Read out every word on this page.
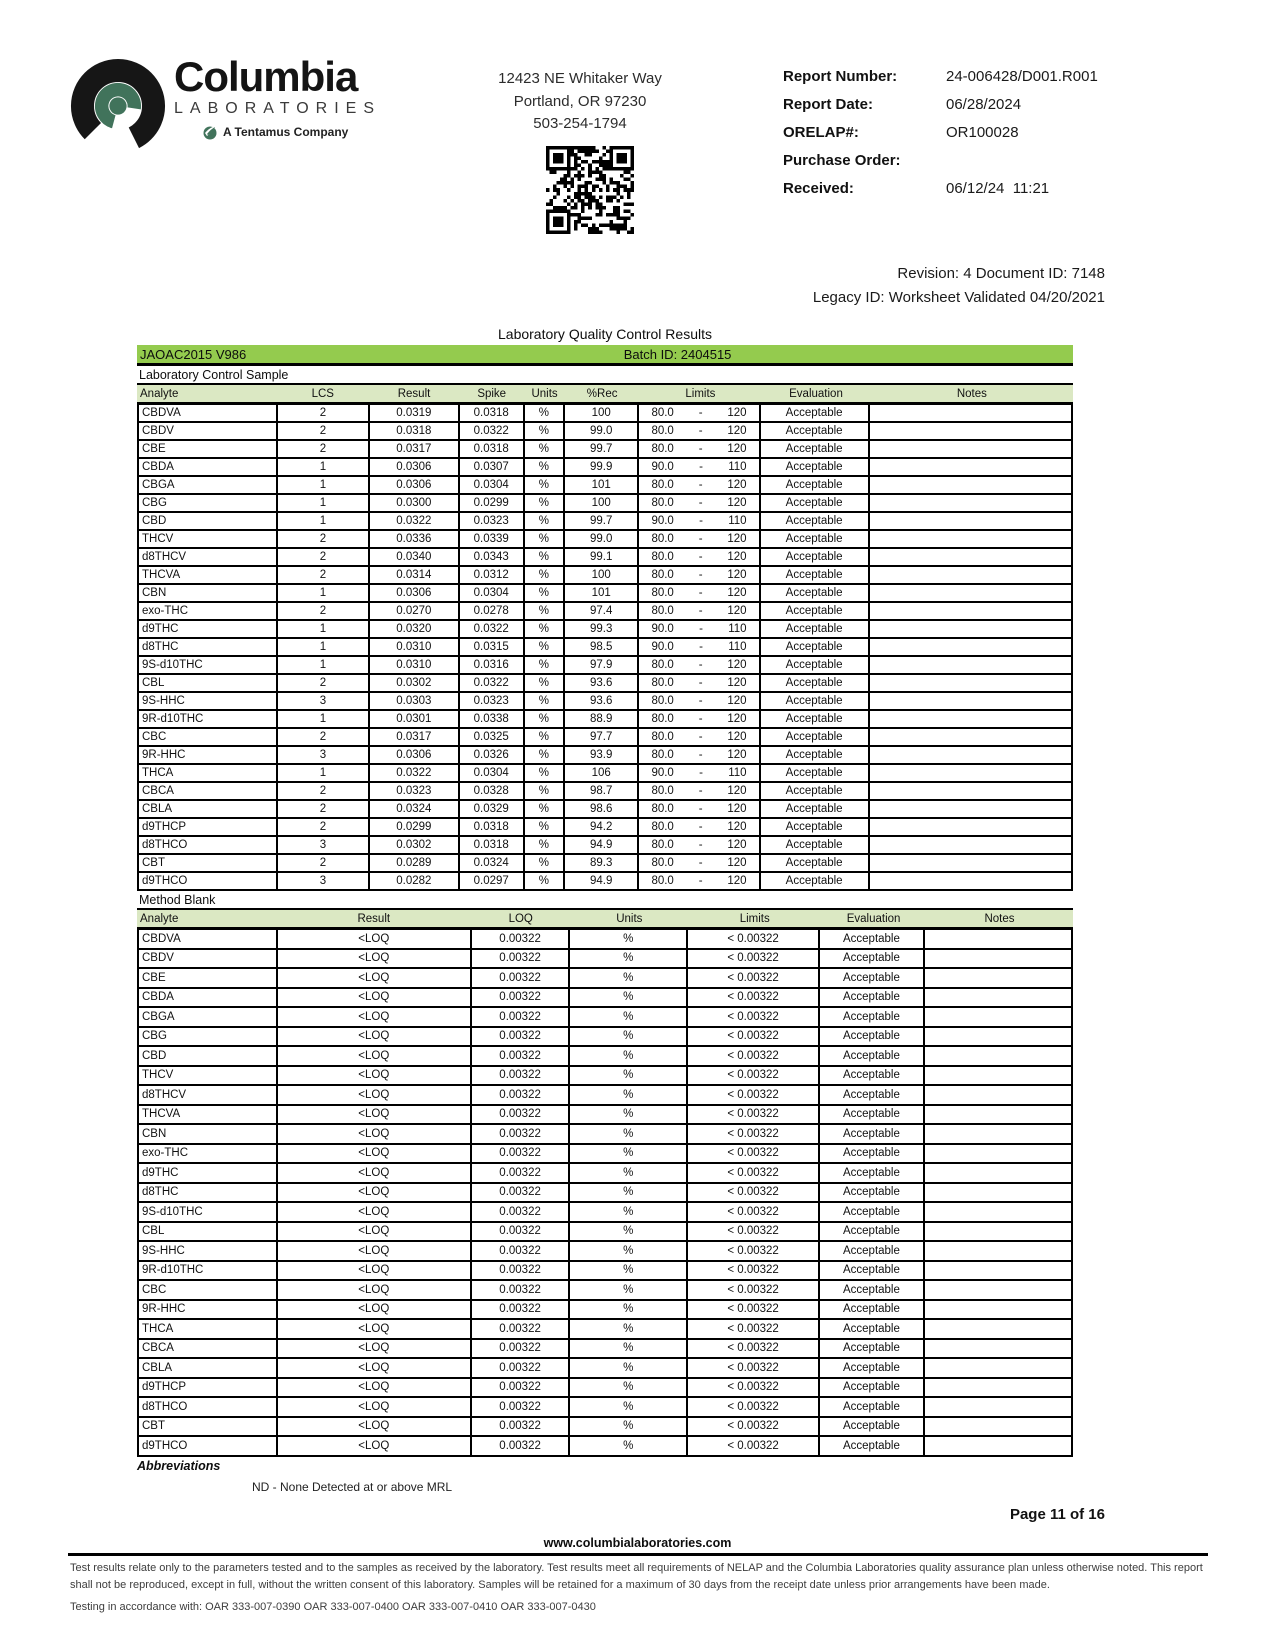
Columbia
LABORATORIES
A Tentamus Company
12423 NE Whitaker Way
Portland, OR 97230
503-254-1794
Report Number:	24-006428/D001.R001
Report Date:	06/28/2024
ORELAP#:	OR100028
Purchase Order:
Received:	06/12/24  11:21
Revision: 4 Document ID: 7148
Legacy ID: Worksheet Validated 04/20/2021
Laboratory Quality Control Results
JAOAC2015 V986	Batch ID: 2404515
Laboratory Control Sample
Analyte	LCS	Result	Spike	Units	%Rec	Limits	Evaluation	Notes
CBDVA	2	0.0319	0.0318	%	100	80.0 - 120	Acceptable
CBDV	2	0.0318	0.0322	%	99.0	80.0 - 120	Acceptable
CBE	2	0.0317	0.0318	%	99.7	80.0 - 120	Acceptable
CBDA	1	0.0306	0.0307	%	99.9	90.0 - 110	Acceptable
CBGA	1	0.0306	0.0304	%	101	80.0 - 120	Acceptable
CBG	1	0.0300	0.0299	%	100	80.0 - 120	Acceptable
CBD	1	0.0322	0.0323	%	99.7	90.0 - 110	Acceptable
THCV	2	0.0336	0.0339	%	99.0	80.0 - 120	Acceptable
d8THCV	2	0.0340	0.0343	%	99.1	80.0 - 120	Acceptable
THCVA	2	0.0314	0.0312	%	100	80.0 - 120	Acceptable
CBN	1	0.0306	0.0304	%	101	80.0 - 120	Acceptable
exo-THC	2	0.0270	0.0278	%	97.4	80.0 - 120	Acceptable
d9THC	1	0.0320	0.0322	%	99.3	90.0 - 110	Acceptable
d8THC	1	0.0310	0.0315	%	98.5	90.0 - 110	Acceptable
9S-d10THC	1	0.0310	0.0316	%	97.9	80.0 - 120	Acceptable
CBL	2	0.0302	0.0322	%	93.6	80.0 - 120	Acceptable
9S-HHC	3	0.0303	0.0323	%	93.6	80.0 - 120	Acceptable
9R-d10THC	1	0.0301	0.0338	%	88.9	80.0 - 120	Acceptable
CBC	2	0.0317	0.0325	%	97.7	80.0 - 120	Acceptable
9R-HHC	3	0.0306	0.0326	%	93.9	80.0 - 120	Acceptable
THCA	1	0.0322	0.0304	%	106	90.0 - 110	Acceptable
CBCA	2	0.0323	0.0328	%	98.7	80.0 - 120	Acceptable
CBLA	2	0.0324	0.0329	%	98.6	80.0 - 120	Acceptable
d9THCP	2	0.0299	0.0318	%	94.2	80.0 - 120	Acceptable
d8THCO	3	0.0302	0.0318	%	94.9	80.0 - 120	Acceptable
CBT	2	0.0289	0.0324	%	89.3	80.0 - 120	Acceptable
d9THCO	3	0.0282	0.0297	%	94.9	80.0 - 120	Acceptable
Method Blank
Analyte	Result	LOQ	Units	Limits	Evaluation	Notes
CBDVA	<LOQ	0.00322	%	< 0.00322	Acceptable
CBDV	<LOQ	0.00322	%	< 0.00322	Acceptable
CBE	<LOQ	0.00322	%	< 0.00322	Acceptable
CBDA	<LOQ	0.00322	%	< 0.00322	Acceptable
CBGA	<LOQ	0.00322	%	< 0.00322	Acceptable
CBG	<LOQ	0.00322	%	< 0.00322	Acceptable
CBD	<LOQ	0.00322	%	< 0.00322	Acceptable
THCV	<LOQ	0.00322	%	< 0.00322	Acceptable
d8THCV	<LOQ	0.00322	%	< 0.00322	Acceptable
THCVA	<LOQ	0.00322	%	< 0.00322	Acceptable
CBN	<LOQ	0.00322	%	< 0.00322	Acceptable
exo-THC	<LOQ	0.00322	%	< 0.00322	Acceptable
d9THC	<LOQ	0.00322	%	< 0.00322	Acceptable
d8THC	<LOQ	0.00322	%	< 0.00322	Acceptable
9S-d10THC	<LOQ	0.00322	%	< 0.00322	Acceptable
CBL	<LOQ	0.00322	%	< 0.00322	Acceptable
9S-HHC	<LOQ	0.00322	%	< 0.00322	Acceptable
9R-d10THC	<LOQ	0.00322	%	< 0.00322	Acceptable
CBC	<LOQ	0.00322	%	< 0.00322	Acceptable
9R-HHC	<LOQ	0.00322	%	< 0.00322	Acceptable
THCA	<LOQ	0.00322	%	< 0.00322	Acceptable
CBCA	<LOQ	0.00322	%	< 0.00322	Acceptable
CBLA	<LOQ	0.00322	%	< 0.00322	Acceptable
d9THCP	<LOQ	0.00322	%	< 0.00322	Acceptable
d8THCO	<LOQ	0.00322	%	< 0.00322	Acceptable
CBT	<LOQ	0.00322	%	< 0.00322	Acceptable
d9THCO	<LOQ	0.00322	%	< 0.00322	Acceptable
Abbreviations
ND - None Detected at or above MRL
Page 11 of 16
www.columbialaboratories.com
Test results relate only to the parameters tested and to the samples as received by the laboratory. Test results meet all requirements of NELAP and the Columbia Laboratories quality assurance plan unless otherwise noted. This report shall not be reproduced, except in full, without the written consent of this laboratory. Samples will be retained for a maximum of 30 days from the receipt date unless prior arrangements have been made.
Testing in accordance with: OAR 333-007-0390 OAR 333-007-0400 OAR 333-007-0410 OAR 333-007-0430
